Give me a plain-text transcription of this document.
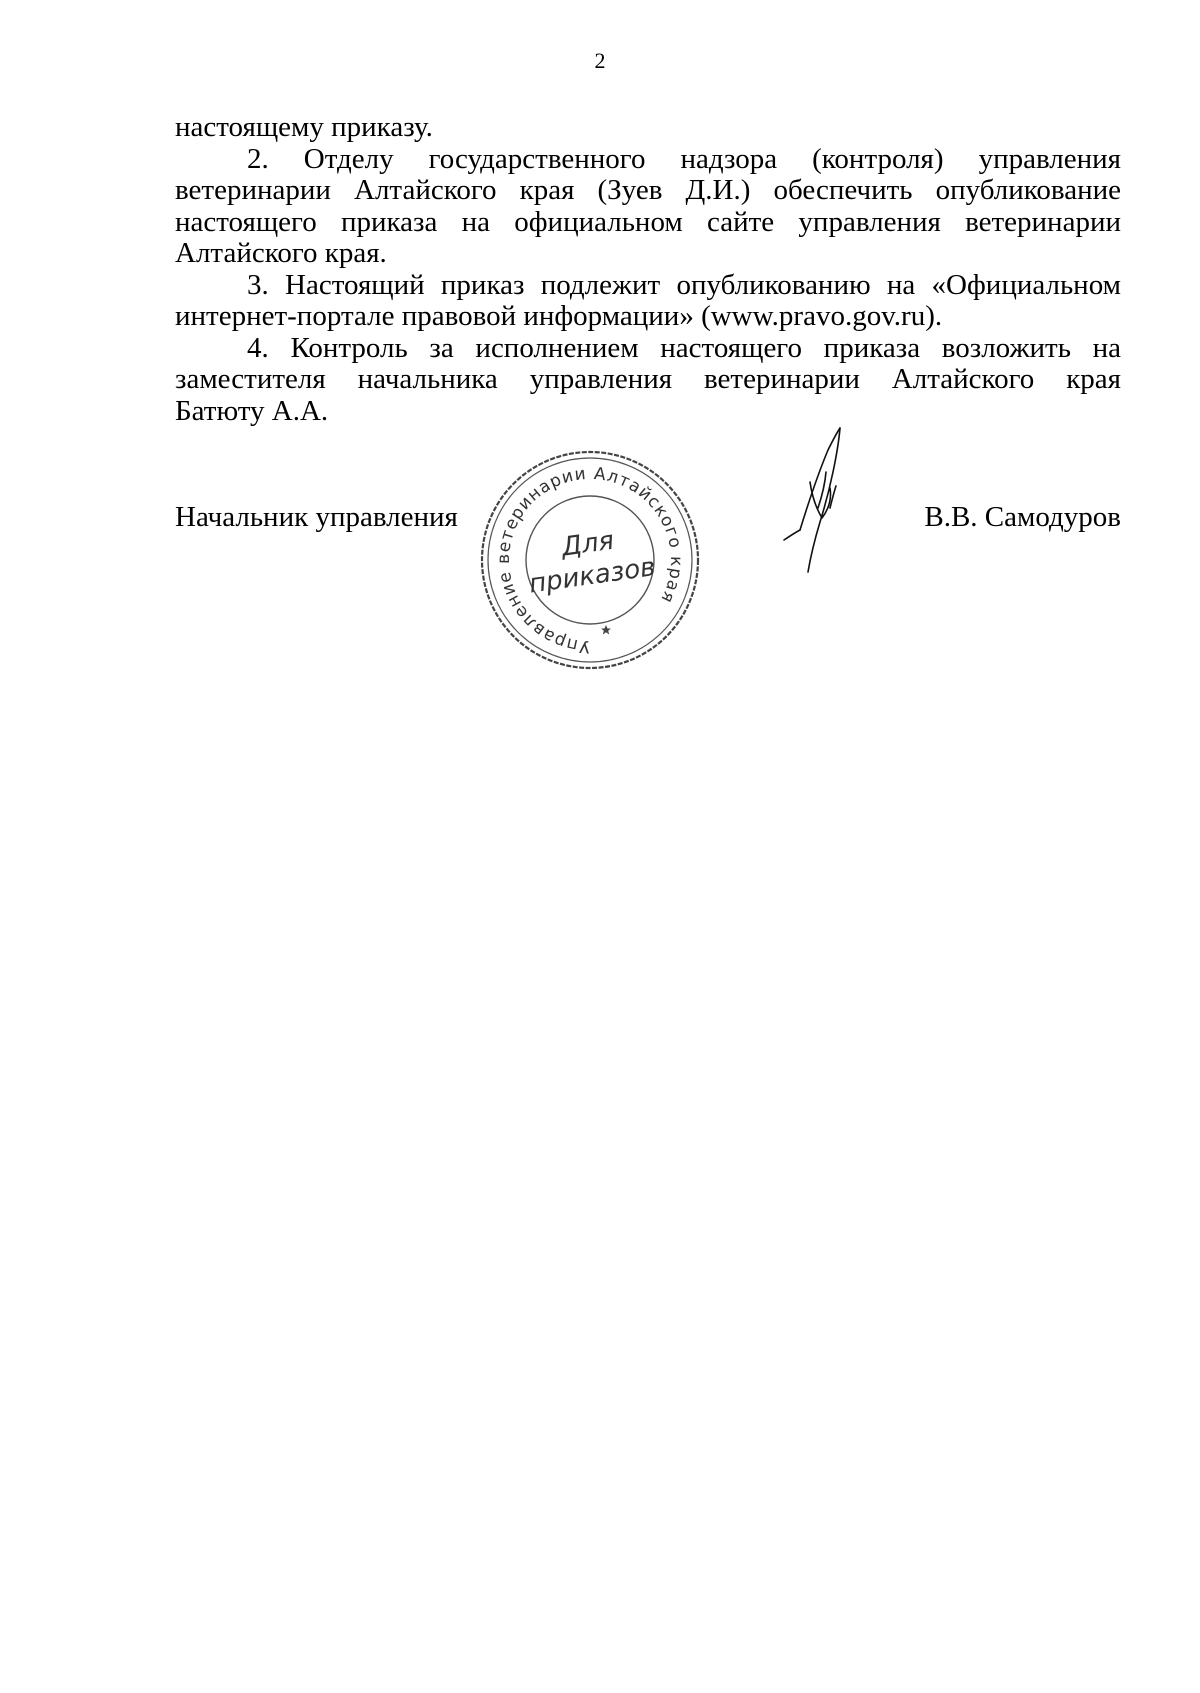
2

настоящему приказу.

2. Отделу государственного надзора (контроля) управления ветеринарии Алтайского края (Зуев Д.И.) обеспечить опубликование настоящего приказа на официальном сайте управления ветеринарии Алтайского края.

3. Настоящий приказ подлежит опубликованию на «Официальном интернет-портале правовой информации» (www.pravo.gov.ru).

4. Контроль за исполнением настоящего приказа возложить на заместителя начальника управления ветеринарии Алтайского края

Батюту А.А.

Начальник управления	В.В. Самодуров
Управление ветеринарии Алтайского края
Для
приказов
